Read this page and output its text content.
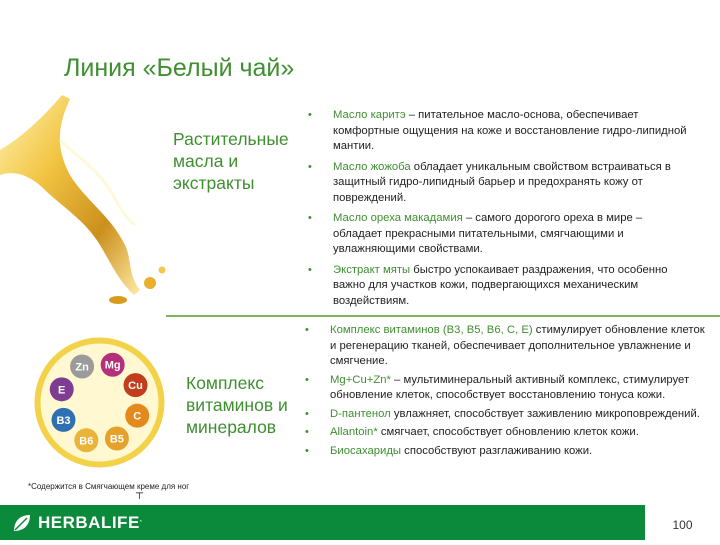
Линия «Белый чай»
Растительные масла и экстракты
• Масло каритэ – питательное масло-основа, обеспечивает комфортные ощущения на коже и восстановление гидро-липидной мантии.
• Масло жожоба обладает уникальным свойством встраиваться в защитный гидро-липидный барьер и предохранять кожу от повреждений.
• Масло ореха макадамия – самого дорогого ореха в мире – обладает прекрасными питательными, смягчающими и увлажняющими свойствами.
• Экстракт мяты быстро успокаивает раздражения, что особенно важно для участков кожи, подвергающихся механическим воздействиям.
Zn Mg
Cu
C
B5
B6
B3
E	Комплекс витаминов и минералов
• Комплекс витаминов (B3, B5, B6, C, E) стимулирует обновление клеток и регенерацию тканей, обеспечивает дополнительное увлажнение и смягчение.
• Mg+Cu+Zn* – мультиминеральный активный комплекс, стимулирует обновление клеток, способствует восстановлению тонуса кожи.
• D-пантенол увлажняет, способствует заживлению микроповреждений.
• Allantoin* смягчает, способствует обновлению клеток кожи.
• Биосахариды способствуют разглаживанию кожи.
*Содержится в Смягчающем креме для ног
┬
HERBALIFE.	100
